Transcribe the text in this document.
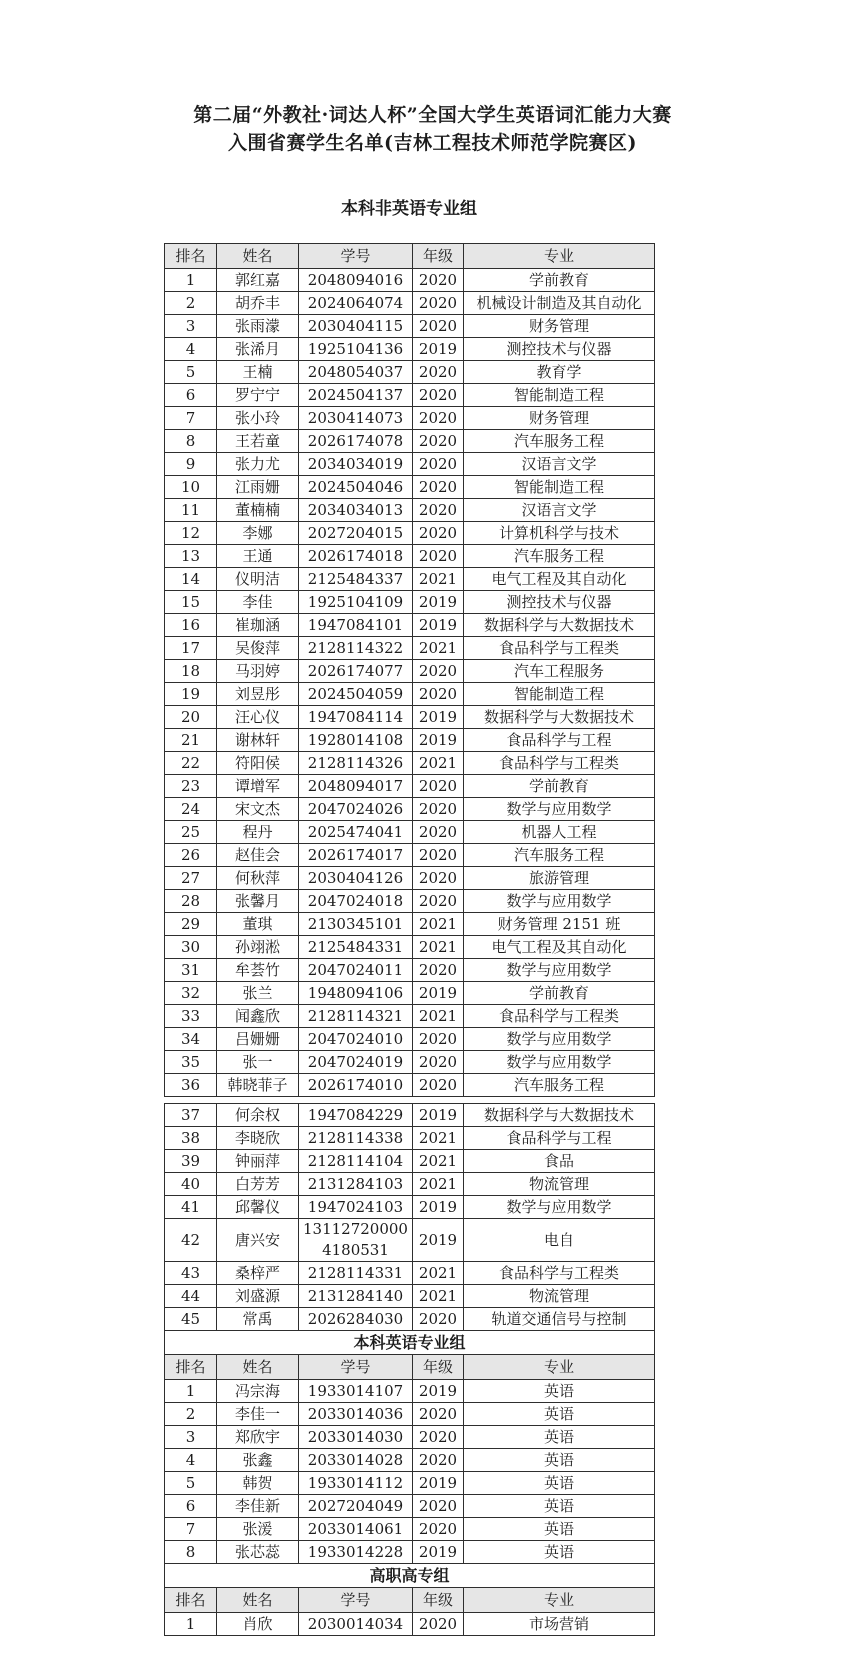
第二届“外教社·词达人杯”全国大学生英语词汇能力大赛
入围省赛学生名单(吉林工程技术师范学院赛区)
本科非英语专业组
排名	姓名	学号	年级	专业
1	郭红嘉	2048094016	2020	学前教育
2	胡乔丰	2024064074	2020	机械设计制造及其自动化
3	张雨濛	2030404115	2020	财务管理
4	张浠月	1925104136	2019	测控技术与仪器
5	王楠	2048054037	2020	教育学
6	罗宁宁	2024504137	2020	智能制造工程
7	张小玲	2030414073	2020	财务管理
8	王若童	2026174078	2020	汽车服务工程
9	张力尤	2034034019	2020	汉语言文学
10	江雨姗	2024504046	2020	智能制造工程
11	董楠楠	2034034013	2020	汉语言文学
12	李娜	2027204015	2020	计算机科学与技术
13	王通	2026174018	2020	汽车服务工程
14	仪明洁	2125484337	2021	电气工程及其自动化
15	李佳	1925104109	2019	测控技术与仪器
16	崔珈涵	1947084101	2019	数据科学与大数据技术
17	吴俊萍	2128114322	2021	食品科学与工程类
18	马羽婷	2026174077	2020	汽车工程服务
19	刘昱彤	2024504059	2020	智能制造工程
20	汪心仪	1947084114	2019	数据科学与大数据技术
21	谢林轩	1928014108	2019	食品科学与工程
22	符阳侯	2128114326	2021	食品科学与工程类
23	谭增军	2048094017	2020	学前教育
24	宋文杰	2047024026	2020	数学与应用数学
25	程丹	2025474041	2020	机器人工程
26	赵佳会	2026174017	2020	汽车服务工程
27	何秋萍	2030404126	2020	旅游管理
28	张馨月	2047024018	2020	数学与应用数学
29	董琪	2130345101	2021	财务管理 2151 班
30	孙翊淞	2125484331	2021	电气工程及其自动化
31	牟荟竹	2047024011	2020	数学与应用数学
32	张兰	1948094106	2019	学前教育
33	闻鑫欣	2128114321	2021	食品科学与工程类
34	吕姗姗	2047024010	2020	数学与应用数学
35	张一	2047024019	2020	数学与应用数学
36	韩晓菲子	2026174010	2020	汽车服务工程
37	何余权	1947084229	2019	数据科学与大数据技术
38	李晓欣	2128114338	2021	食品科学与工程
39	钟丽萍	2128114104	2021	食品
40	白芳芳	2131284103	2021	物流管理
41	邱馨仪	1947024103	2019	数学与应用数学
42	唐兴安	131127200004180531	2019	电自
43	桑梓严	2128114331	2021	食品科学与工程类
44	刘盛源	2131284140	2021	物流管理
45	常禹	2026284030	2020	轨道交通信号与控制
本科英语专业组				
排名	姓名	学号	年级	专业
1	冯宗海	1933014107	2019	英语
2	李佳一	2033014036	2020	英语
3	郑欣宇	2033014030	2020	英语
4	张鑫	2033014028	2020	英语
5	韩贺	1933014112	2019	英语
6	李佳新	2027204049	2020	英语
7	张湲	2033014061	2020	英语
8	张芯蕊	1933014228	2019	英语
高职高专组				
排名	姓名	学号	年级	专业
1	肖欣	2030014034	2020	市场营销
